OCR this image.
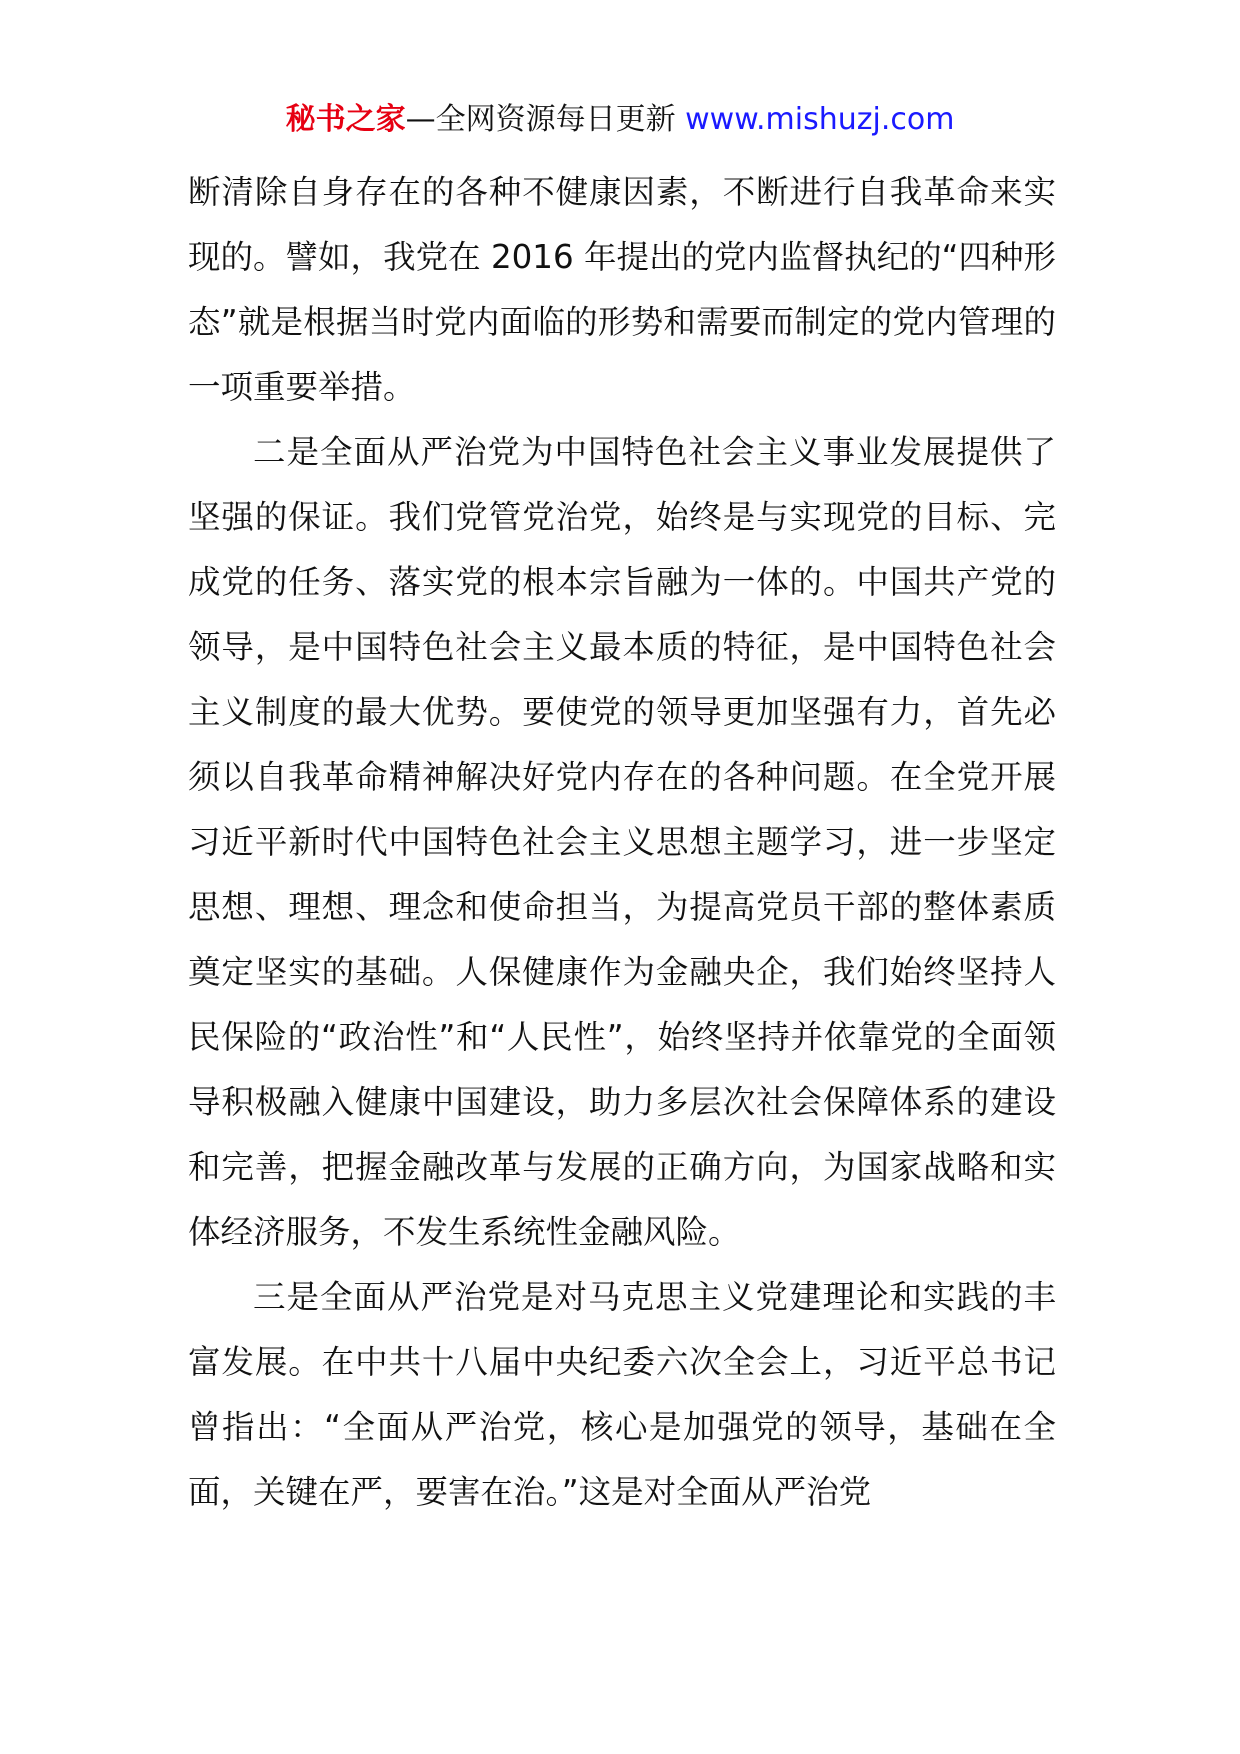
秘书之家—全网资源每日更新 www.mishuzj.com

断清除自身存在的各种不健康因素，不断进行自我革命来实现的。譬如，我党在 2016 年提出的党内监督执纪的“四种形态”就是根据当时党内面临的形势和需要而制定的党内管理的一项重要举措。

二是全面从严治党为中国特色社会主义事业发展提供了坚强的保证。我们党管党治党，始终是与实现党的目标、完成党的任务、落实党的根本宗旨融为一体的。中国共产党的领导，是中国特色社会主义最本质的特征，是中国特色社会主义制度的最大优势。要使党的领导更加坚强有力，首先必须以自我革命精神解决好党内存在的各种问题。在全党开展习近平新时代中国特色社会主义思想主题学习，进一步坚定思想、理想、理念和使命担当，为提高党员干部的整体素质奠定坚实的基础。人保健康作为金融央企，我们始终坚持人民保险的“政治性”和“人民性”，始终坚持并依靠党的全面领导积极融入健康中国建设，助力多层次社会保障体系的建设和完善，把握金融改革与发展的正确方向，为国家战略和实体经济服务，不发生系统性金融风险。

三是全面从严治党是对马克思主义党建理论和实践的丰富发展。在中共十八届中央纪委六次全会上，习近平总书记曾指出：“全面从严治党，核心是加强党的领导，基础在全面，关键在严，要害在治。”这是对全面从严治党
